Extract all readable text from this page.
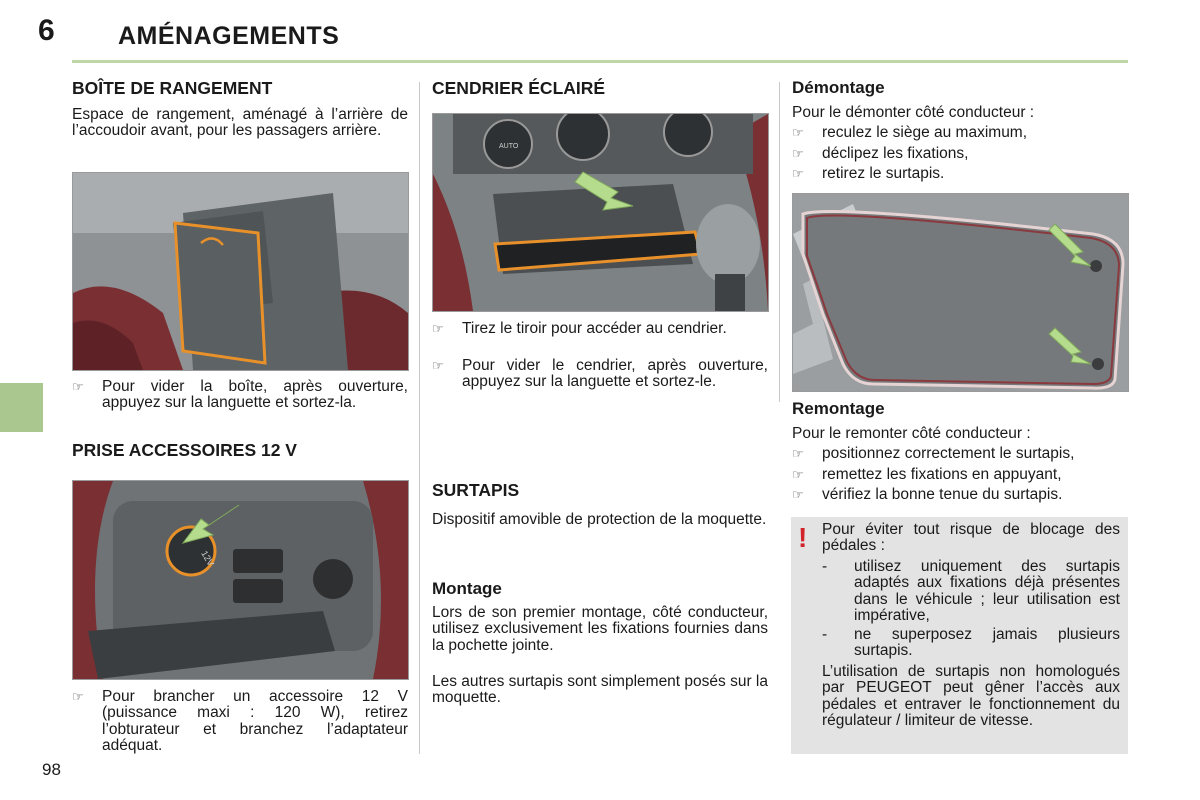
6	AMÉNAGEMENTS
98
BOÎTE DE RANGEMENT

Espace de rangement, aménagé à l’arrière de l’accoudoir avant, pour les passagers arrière.

☞ Pour vider la boîte, après ouverture, appuyez sur la languette et sortez-la.

PRISE ACCESSOIRES 12 V
12V

☞ Pour brancher un accessoire 12 V (puissance maxi : 120 W), retirez l’obturateur et branchez l’adaptateur adéquat.

CENDRIER ÉCLAIRÉ
AUTO

☞ Tirez le tiroir pour accéder au cendrier.

☞ Pour vider le cendrier, après ouverture, appuyez sur la languette et sortez-le.

SURTAPIS

Dispositif amovible de protection de la moquette.

Montage

Lors de son premier montage, côté conducteur, utilisez exclusivement les fixations fournies dans la pochette jointe.

Les autres surtapis sont simplement posés sur la moquette.

Démontage

Pour le démonter côté conducteur :

☞ reculez le siège au maximum,

☞ déclipez les fixations,

☞ retirez le surtapis.

Remontage

Pour le remonter côté conducteur :

☞ positionnez correctement le surtapis,

☞ remettez les fixations en appuyant,

☞ vérifiez la bonne tenue du surtapis.

! Pour éviter tout risque de blocage des pédales :

- utilisez uniquement des surtapis adaptés aux fixations déjà présentes dans le véhicule ; leur utilisation est impérative,

- ne superposez jamais plusieurs surtapis.

L’utilisation de surtapis non homologués par PEUGEOT peut gêner l’accès aux pédales et entraver le fonctionnement du régulateur / limiteur de vitesse.
